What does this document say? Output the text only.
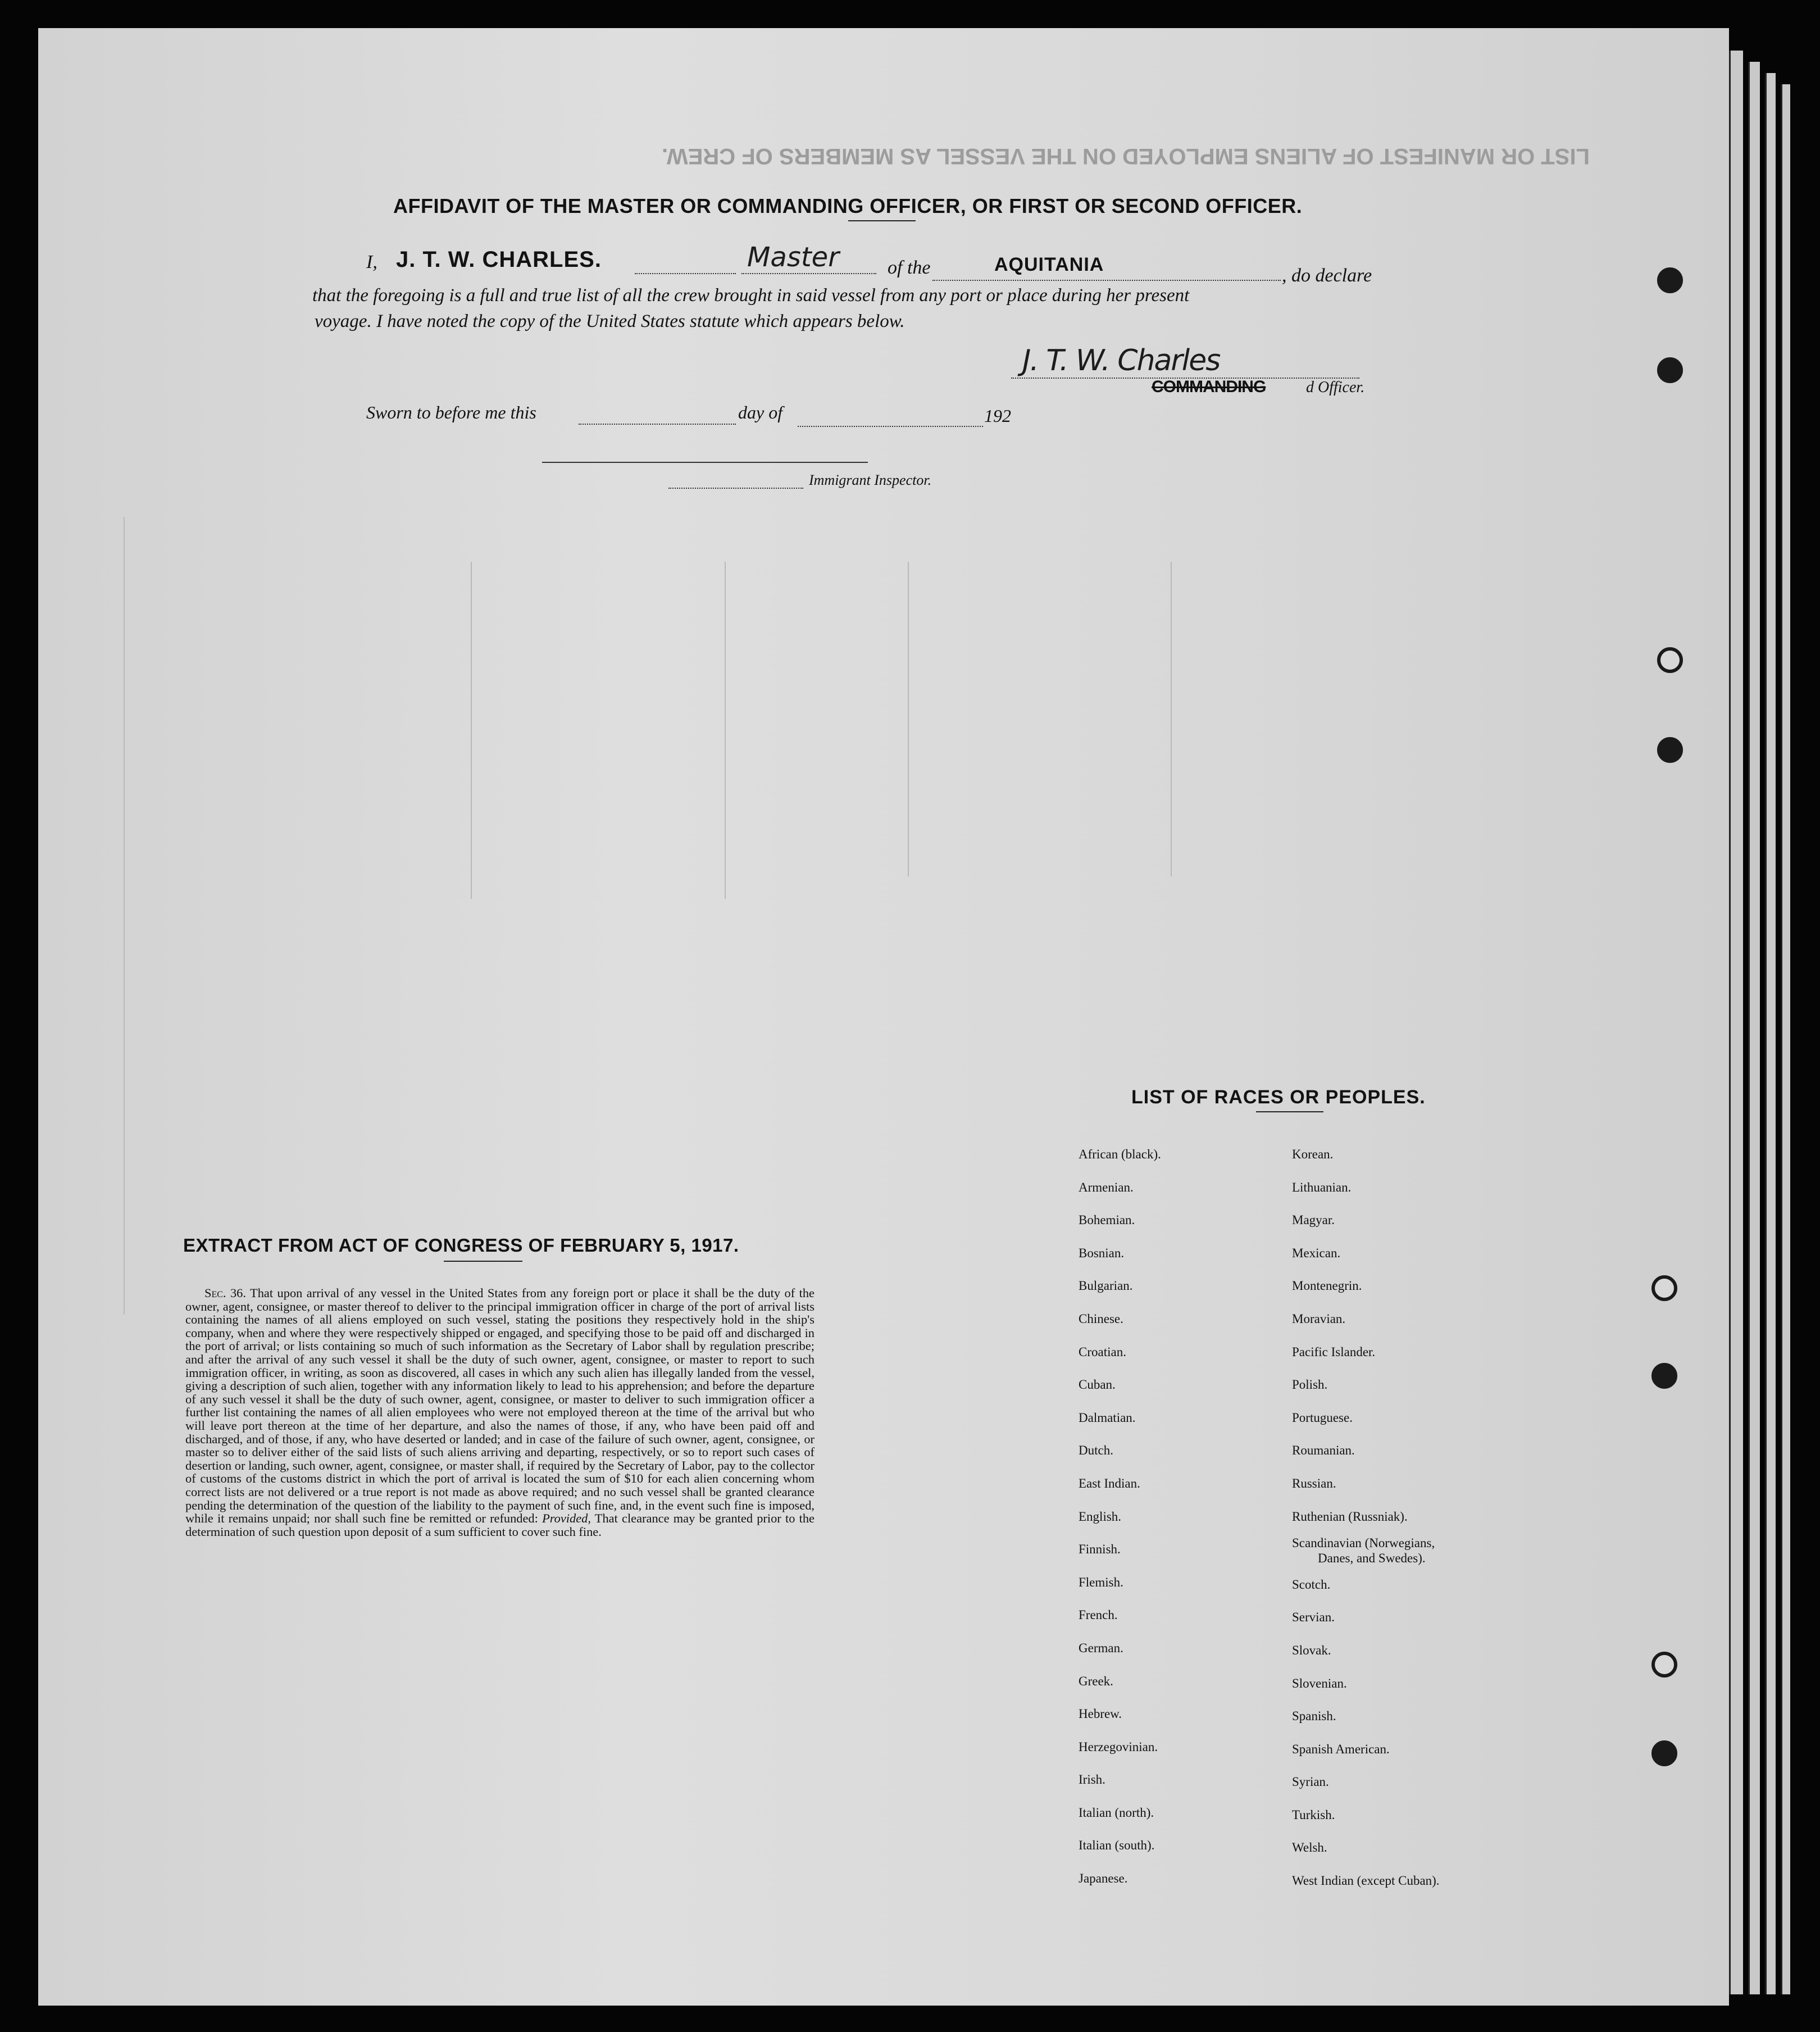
LIST OR MANIFEST OF ALIENS EMPLOYED ON THE VESSEL AS MEMBERS OF CREW.
AFFIDAVIT OF THE MASTER OR COMMANDING OFFICER, OR FIRST OR SECOND OFFICER.
I, J. T. W. CHARLES.	Master	of the	AQUITANIA
, do declare
that the foregoing is a full and true list of all the crew brought in said vessel from any port or place during her present
voyage. I have noted the copy of the United States statute which appears below.
J. T. W. Charles
COMMANDING	d Officer.
Sworn to before me this	day of	192
Immigrant Inspector.
EXTRACT FROM ACT OF CONGRESS OF FEBRUARY 5, 1917.
Sec. 36. That upon arrival of any vessel in the United States from any foreign port or place it shall be the duty of the owner, agent, consignee, or master thereof to deliver to the principal immigration officer in charge of the port of arrival lists containing the names of all aliens employed on such vessel, stating the positions they respectively hold in the ship's company, when and where they were respectively shipped or engaged, and specifying those to be paid off and discharged in the port of arrival; or lists containing so much of such information as the Secretary of Labor shall by regulation prescribe; and after the arrival of any such vessel it shall be the duty of such owner, agent, consignee, or master to report to such immigration officer, in writing, as soon as discovered, all cases in which any such alien has illegally landed from the vessel, giving a description of such alien, together with any information likely to lead to his apprehension; and before the departure of any such vessel it shall be the duty of such owner, agent, consignee, or master to deliver to such immigration officer a further list containing the names of all alien employees who were not employed thereon at the time of the arrival but who will leave port thereon at the time of her departure, and also the names of those, if any, who have been paid off and discharged, and of those, if any, who have deserted or landed; and in case of the failure of such owner, agent, consignee, or master so to deliver either of the said lists of such aliens arriving and departing, respectively, or so to report such cases of desertion or landing, such owner, agent, consignee, or master shall, if required by the Secretary of Labor, pay to the collector of customs of the customs district in which the port of arrival is located the sum of $10 for each alien concerning whom correct lists are not delivered or a true report is not made as above required; and no such vessel shall be granted clearance pending the determination of the question of the liability to the payment of such fine, and, in the event such fine is imposed, while it remains unpaid; nor shall such fine be remitted or refunded: Provided, That clearance may be granted prior to the determination of such question upon deposit of a sum sufficient to cover such fine.
LIST OF RACES OR PEOPLES.
African (black).
Armenian.
Bohemian.
Bosnian.
Bulgarian.
Chinese.
Croatian.
Cuban.
Dalmatian.
Dutch.
East Indian.
English.
Finnish.
Flemish.
French.
German.
Greek.
Hebrew.
Herzegovinian.
Irish.
Italian (north).
Italian (south).
Japanese.
Korean.
Lithuanian.
Magyar.
Mexican.
Montenegrin.
Moravian.
Pacific Islander.
Polish.
Portuguese.
Roumanian.
Russian.
Ruthenian (Russniak).
Scandinavian (Norwegians,
Danes, and Swedes).
Scotch.
Servian.
Slovak.
Slovenian.
Spanish.
Spanish American.
Syrian.
Turkish.
Welsh.
West Indian (except Cuban).
